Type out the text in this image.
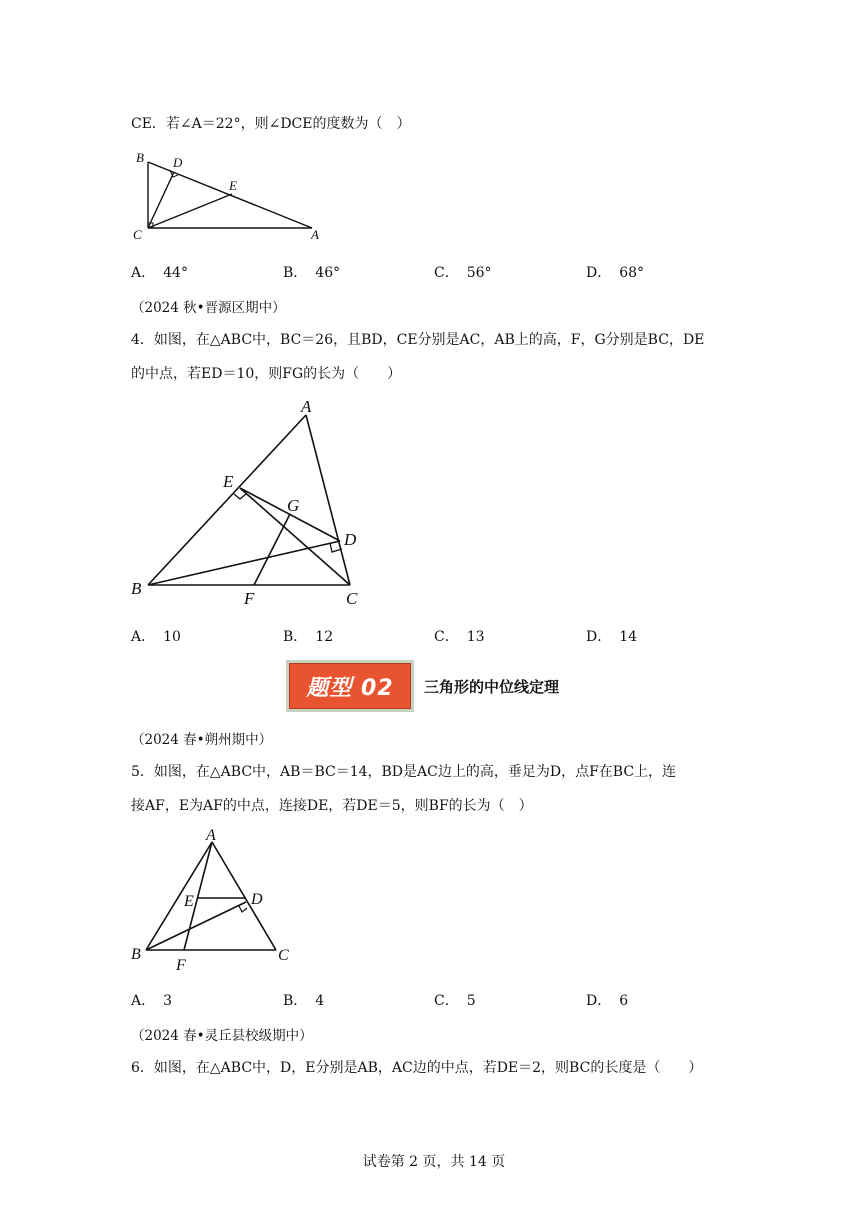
CE．若∠A＝22°，则∠DCE的度数为（　）
B D
E
C	A
A． 44°	B． 46°	C． 56°	D． 68°
（2024 秋•晋源区期中）
4．如图，在△ABC中，BC＝26，且BD，CE分别是AC，AB上的高，F，G分别是BC，DE
的中点，若ED＝10，则FG的长为（　　）
A
E
G
D
B
F	C
A． 10	B． 12	C． 13	D． 14
题型 02	三角形的中位线定理
（2024 春•朔州期中）
5．如图，在△ABC中，AB＝BC＝14，BD是AC边上的高，垂足为D，点F在BC上，连
接AF，E为AF的中点，连接DE，若DE＝5，则BF的长为（　）
A
E	D
B
F
C
A． 3	B． 4	C． 5	D． 6
（2024 春•灵丘县校级期中）
6．如图，在△ABC中，D，E分别是AB，AC边的中点，若DE＝2，则BC的长度是（　　）
试卷第 2 页，共 14 页
